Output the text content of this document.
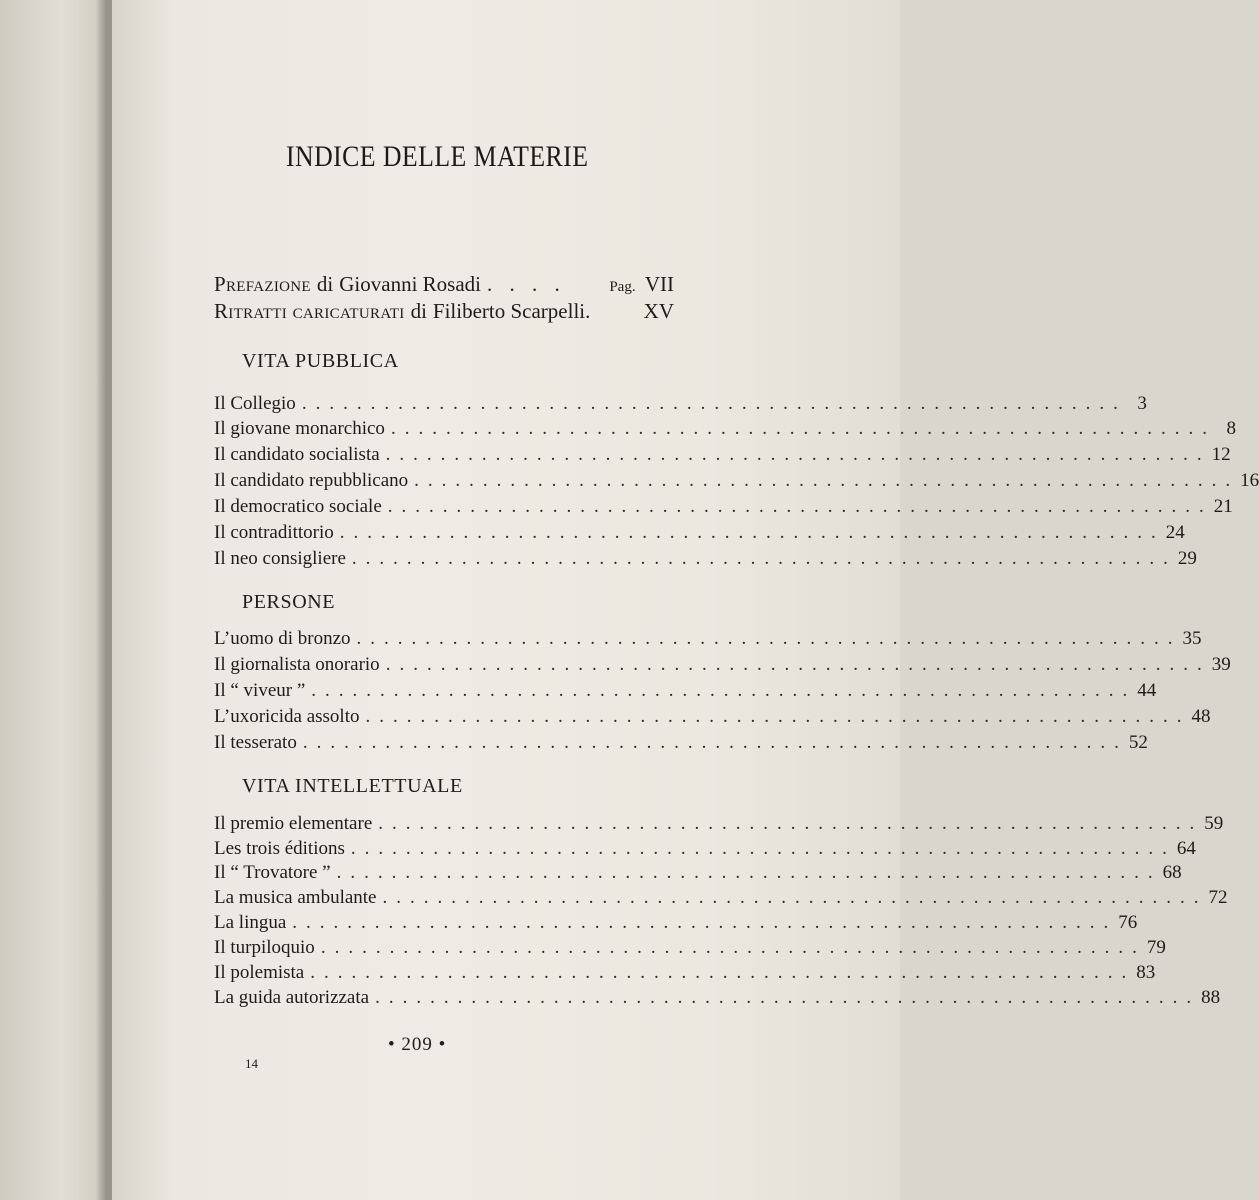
INDICE DELLE MATERIE
Prefazione di Giovanni Rosadi . . . .	Pag. VII
Ritratti caricaturati di Filiberto Scarpelli.	XV
VITA PUBBLICA
Il Collegio ............................................................ 3
Il giovane monarchico ............................................................ 8
Il candidato socialista ............................................................ 12
Il candidato repubblicano ............................................................ 16
Il democratico sociale ............................................................ 21
Il contradittorio ............................................................ 24
Il neo consigliere ............................................................ 29
PERSONE
L’uomo di bronzo ............................................................ 35
Il giornalista onorario ............................................................ 39
Il “ viveur ” ............................................................ 44
L’uxoricida assolto ............................................................ 48
Il tesserato ............................................................ 52
VITA INTELLETTUALE
Il premio elementare ............................................................ 59
Les trois éditions ............................................................ 64
Il “ Trovatore ” ............................................................ 68
La musica ambulante ............................................................ 72
La lingua ............................................................ 76
Il turpiloquio ............................................................ 79
Il polemista ............................................................ 83
La guida autorizzata ............................................................ 88
• 209 •
14
